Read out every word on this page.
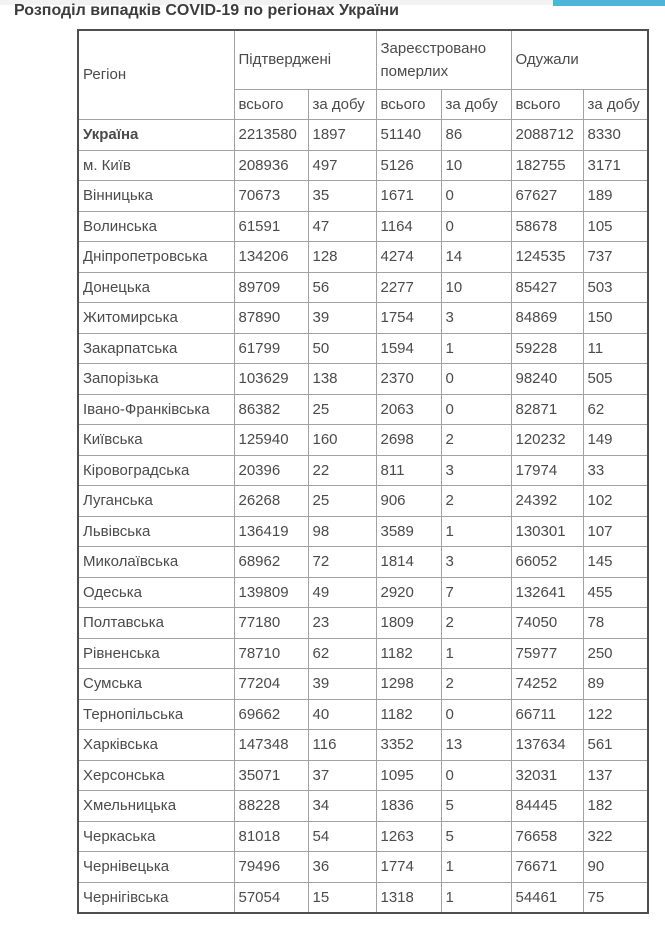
Розподіл випадків COVID-19 по регіонах України
Регіон	Підтверджені		Зареєстровано померлих		Одужали	
	всього	за добу	всього	за добу	всього	за добу
Україна	2213580	1897	51140	86	2088712	8330
м. Київ	208936	497	5126	10	182755	3171
Вінницька	70673	35	1671	0	67627	189
Волинська	61591	47	1164	0	58678	105
Дніпропетровська	134206	128	4274	14	124535	737
Донецька	89709	56	2277	10	85427	503
Житомирська	87890	39	1754	3	84869	150
Закарпатська	61799	50	1594	1	59228	11
Запорізька	103629	138	2370	0	98240	505
Івано-Франківська	86382	25	2063	0	82871	62
Київська	125940	160	2698	2	120232	149
Кіровоградська	20396	22	811	3	17974	33
Луганська	26268	25	906	2	24392	102
Львівська	136419	98	3589	1	130301	107
Миколаївська	68962	72	1814	3	66052	145
Одеська	139809	49	2920	7	132641	455
Полтавська	77180	23	1809	2	74050	78
Рівненська	78710	62	1182	1	75977	250
Сумська	77204	39	1298	2	74252	89
Тернопільська	69662	40	1182	0	66711	122
Харківська	147348	116	3352	13	137634	561
Херсонська	35071	37	1095	0	32031	137
Хмельницька	88228	34	1836	5	84445	182
Черкаська	81018	54	1263	5	76658	322
Чернівецька	79496	36	1774	1	76671	90
Чернігівська	57054	15	1318	1	54461	75
